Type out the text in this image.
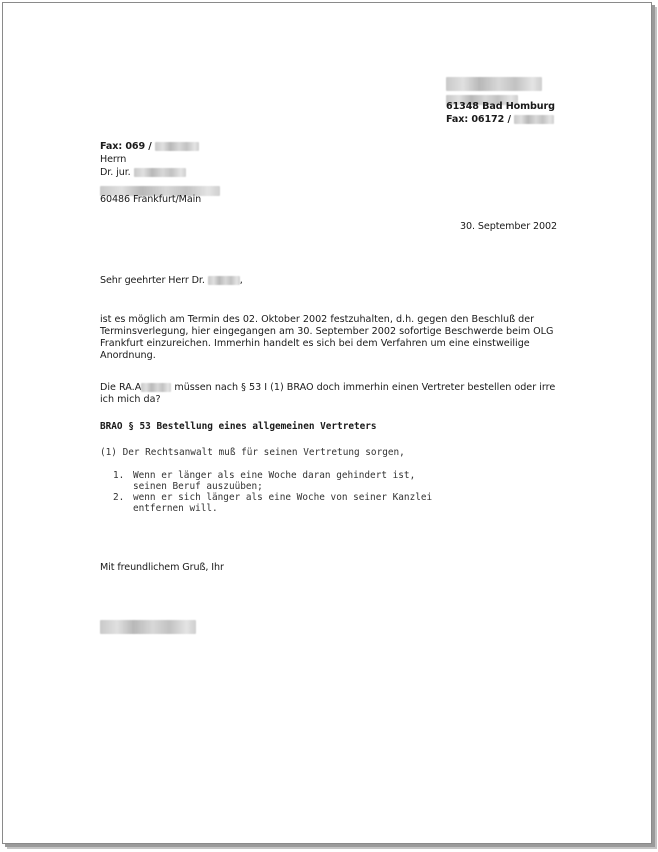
61348 Bad Homburg
Fax: 06172 /
Fax: 069 /
Herrn
Dr. jur.
60486 Frankfurt/Main
30. September 2002
Sehr geehrter Herr Dr.	,
ist es möglich am Termin des 02. Oktober 2002 festzuhalten, d.h. gegen den Beschluß der
Terminsverlegung, hier eingegangen am 30. September 2002 sofortige Beschwerde beim OLG
Frankfurt einzureichen. Immerhin handelt es sich bei dem Verfahren um eine einstweilige
Anordnung.
Die RA.A	müssen nach § 53 I (1) BRAO doch immerhin einen Vertreter bestellen oder irre
ich mich da?
BRAO § 53 Bestellung eines allgemeinen Vertreters
(1) Der Rechtsanwalt muß für seinen Vertretung sorgen,
1. Wenn er länger als eine Woche daran gehindert ist,
seinen Beruf auszuüben;
2. wenn er sich länger als eine Woche von seiner Kanzlei
entfernen will.
Mit freundlichem Gruß, Ihr
